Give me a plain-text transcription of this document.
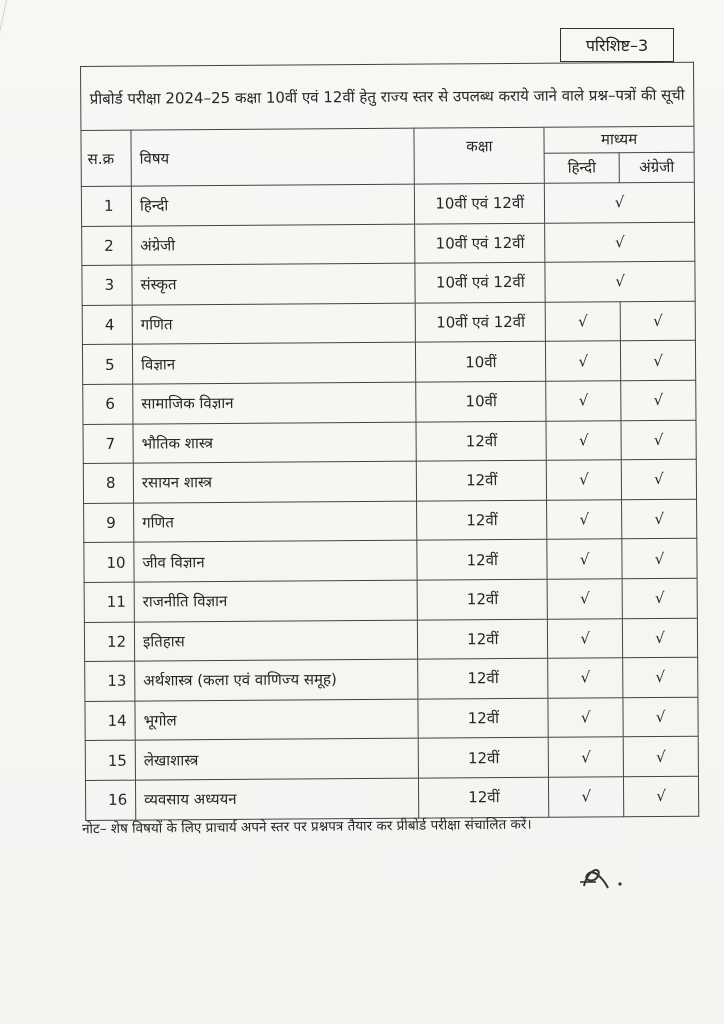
परिशिष्ट–3
प्रीबोर्ड परीक्षा 2024–25 कक्षा 10वीं एवं 12वीं हेतु राज्य स्तर से उपलब्ध कराये जाने वाले प्रश्न–पत्रों की सूची				
स.क्र	विषय	कक्षा	माध्यम	
			हिन्दी	अंग्रेजी
1	हिन्दी	10वीं एवं 12वीं	√	
2	अंग्रेजी	10वीं एवं 12वीं	√	
3	संस्कृत	10वीं एवं 12वीं	√	
4	गणित	10वीं एवं 12वीं	√	√
5	विज्ञान	10वीं	√	√
6	सामाजिक विज्ञान	10वीं	√	√
7	भौतिक शास्त्र	12वीं	√	√
8	रसायन शास्त्र	12वीं	√	√
9	गणित	12वीं	√	√
10	जीव विज्ञान	12वीं	√	√
11	राजनीति विज्ञान	12वीं	√	√
12	इतिहास	12वीं	√	√
13	अर्थशास्त्र (कला एवं वाणिज्य समूह)	12वीं	√	√
14	भूगोल	12वीं	√	√
15	लेखाशास्त्र	12वीं	√	√
16	व्यवसाय अध्ययन	12वीं	√	√
नोट– शेष विषयों के लिए प्राचार्य अपने स्तर पर प्रश्नपत्र तैयार कर प्रीबोर्ड परीक्षा संचालित करें।
